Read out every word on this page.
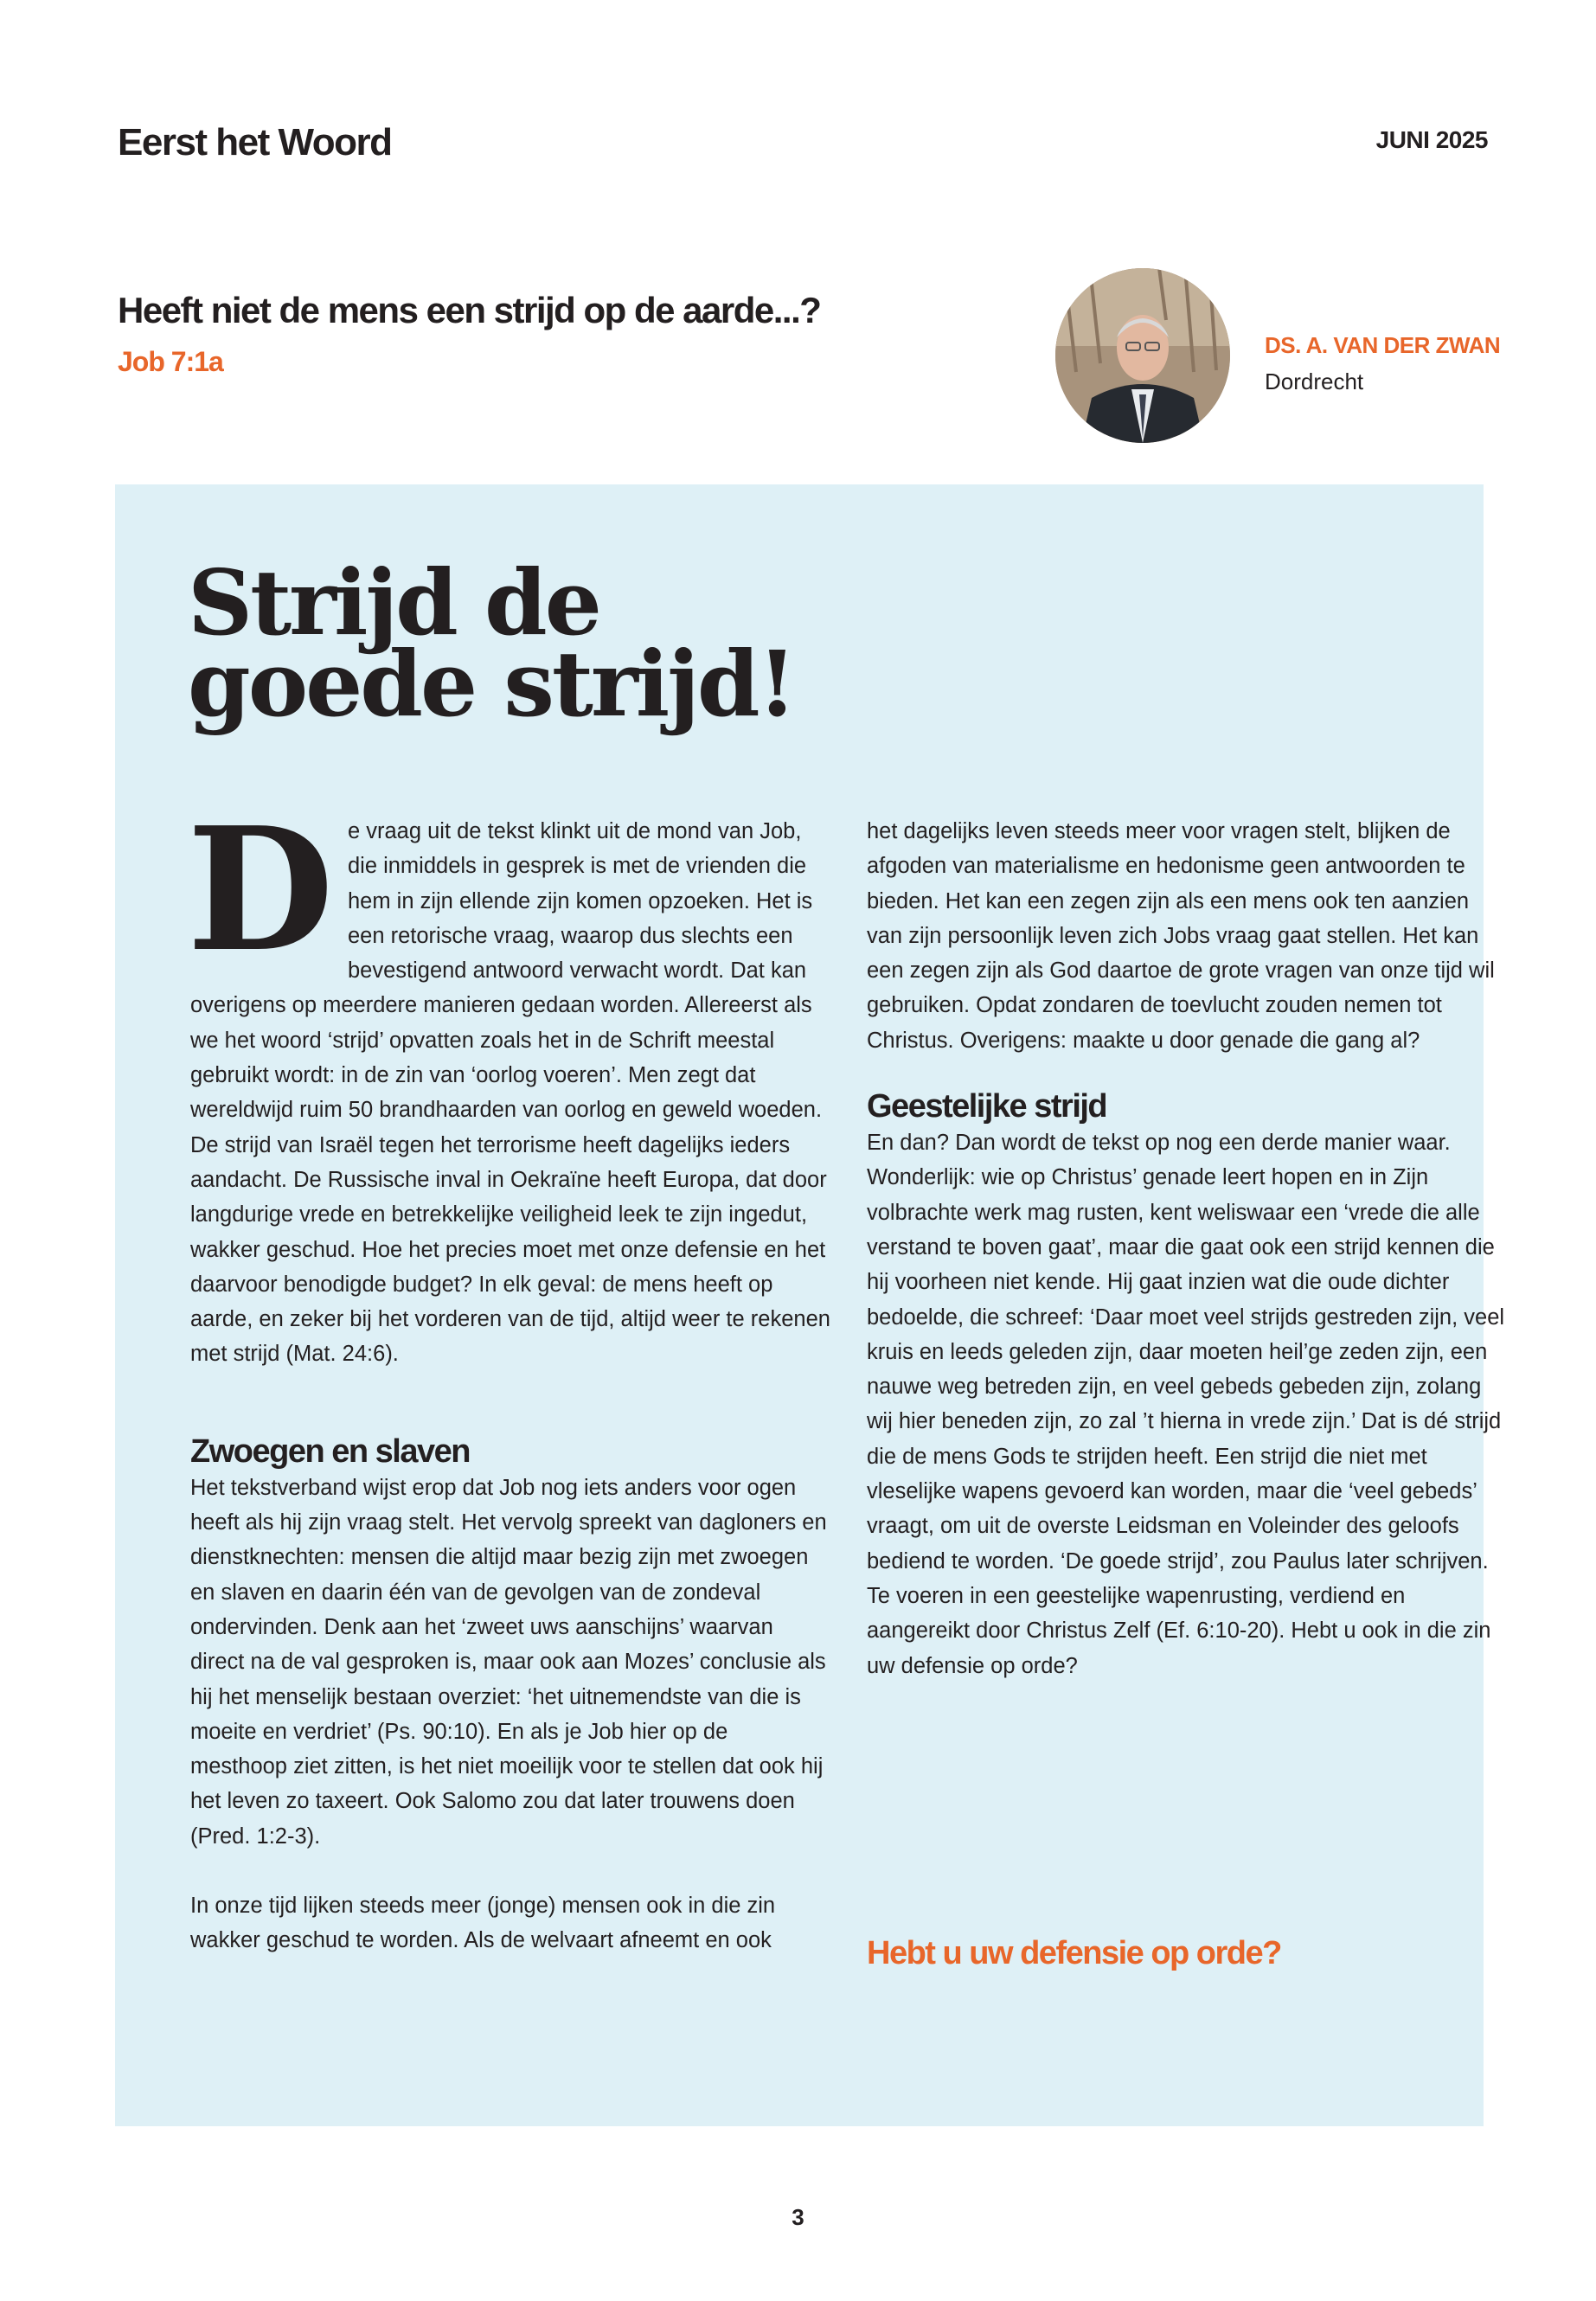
Eerst het Woord	JUNI 2025
Heeft niet de mens een strijd op de aarde...?
Job 7:1a
DS. A. VAN DER ZWAN
Dordrecht
Strijd de
goede strijd!

De vraag uit de tekst klinkt uit de mond van Job, die inmiddels in gesprek is met de vrienden die hem in zijn ellende zijn komen opzoeken. Het is een retorische vraag, waarop dus slechts een bevestigend antwoord verwacht wordt. Dat kan overigens op meerdere manieren gedaan worden. Allereerst als we het woord ‘strijd’ opvatten zoals het in de Schrift meestal gebruikt wordt: in de zin van ‘oorlog voeren’. Men zegt dat wereldwijd ruim 50 brandhaarden van oorlog en geweld woeden. De strijd van Israël tegen het terrorisme heeft dagelijks ieders aandacht. De Russische inval in Oekraïne heeft Europa, dat door langdurige vrede en betrekkelijke veiligheid leek te zijn ingedut, wakker geschud. Hoe het precies moet met onze defensie en het daarvoor benodigde budget? In elk geval: de mens heeft op aarde, en zeker bij het vorderen van de tijd, altijd weer te rekenen met strijd (Mat. 24:6).

Zwoegen en slaven

Het tekstverband wijst erop dat Job nog iets anders voor ogen heeft als hij zijn vraag stelt. Het vervolg spreekt van dagloners en dienstknechten: mensen die altijd maar bezig zijn met zwoegen en slaven en daarin één van de gevolgen van de zondeval ondervinden. Denk aan het ‘zweet uws aanschijns’ waarvan direct na de val gesproken is, maar ook aan Mozes’ conclusie als hij het menselijk bestaan overziet: ‘het uitnemendste van die is moeite en verdriet’ (Ps. 90:10). En als je Job hier op de mesthoop ziet zitten, is het niet moeilijk voor te stellen dat ook hij het leven zo taxeert. Ook Salomo zou dat later trouwens doen (Pred. 1:2-3).

In onze tijd lijken steeds meer (jonge) mensen ook in die zin wakker geschud te worden. Als de welvaart afneemt en ook

het dagelijks leven steeds meer voor vragen stelt, blijken de afgoden van materialisme en hedonisme geen antwoorden te bieden. Het kan een zegen zijn als een mens ook ten aanzien van zijn persoonlijk leven zich Jobs vraag gaat stellen. Het kan een zegen zijn als God daartoe de grote vragen van onze tijd wil gebruiken. Opdat zondaren de toevlucht zouden nemen tot Christus. Overigens: maakte u door genade die gang al?

Geestelijke strijd

En dan? Dan wordt de tekst op nog een derde manier waar. Wonderlijk: wie op Christus’ genade leert hopen en in Zijn volbrachte werk mag rusten, kent weliswaar een ‘vrede die alle verstand te boven gaat’, maar die gaat ook een strijd kennen die hij voorheen niet kende. Hij gaat inzien wat die oude dichter bedoelde, die schreef: ‘Daar moet veel strijds gestreden zijn, veel kruis en leeds geleden zijn, daar moeten heil’ge zeden zijn, een nauwe weg betreden zijn, en veel gebeds gebeden zijn, zolang wij hier beneden zijn, zo zal ’t hierna in vrede zijn.’ Dat is dé strijd die de mens Gods te strijden heeft. Een strijd die niet met vleselijke wapens gevoerd kan worden, maar die ‘veel gebeds’ vraagt, om uit de overste Leidsman en Voleinder des geloofs bediend te worden. ‘De goede strijd’, zou Paulus later schrijven.

Te voeren in een geestelijke wapenrusting, verdiend en aangereikt door Christus Zelf (Ef. 6:10-20). Hebt u ook in die zin uw defensie op orde?

Hebt u uw defensie op orde?
3
